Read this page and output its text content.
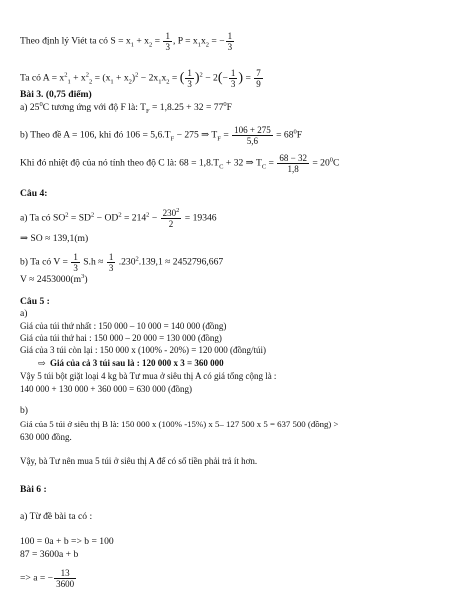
Theo định lý Viét ta có $S = x_1 + x_2 = \frac{1}{3}$ , $P = x_1x_2$ = − $\frac{1}{3}$
Ta có $A = x^2_1 + x^2_2 = (x_1 + x_2)^2 - 2x_1x_2$ = ( $\frac{1}{3} )^2 - 2(- \frac{1}{3}$ ) = $\frac{7}{9}$
Bài 3. (0,75 điểm)
a) $25^0C$ tương ứng với độ F là: $T_F = 1,8.25 + 32 = 77^0F$
b) Theo đề A = 106, khi đó $106 = 5,6.T_F - 275$ ⇒ $T_F = \frac{106 + 275}{5,6} = 68^0F$
Khi đó nhiệt độ của nó tính theo độ C là: $68 = 1,8.T_C + 32$ ⇒ $T_C = \frac{68 - 32}{1,8} = 20^0C$
Câu 4:
a) Ta có $SO^2 = SD^2 - OD^2 = 214^2 - \frac{230^2}{2} = 19346$
⇒ SO ≈ 139,1(m)
b) Ta có $V = \frac{1}{3} S.h \approx \frac{1}{3} .230^2.139,1 \approx 2452796,667$
$V \approx 2453000(m^3)$
Câu 5 :
a)
Giá của túi thứ nhất : 150 000 – 10 000 = 140 000 (đồng)
Giá của túi thứ hai : 150 000 – 20 000 = 130 000 (đồng)
Giá của 3 túi còn lại : 150 000 x (100% - 20%) = 120 000 (đồng/túi)
⇨ Giá của cả 3 túi sau là : 120 000 x 3 = 360 000
Vậy 5 túi bột giặt loại 4 kg bà Tư mua ở siêu thị A có giá tổng cộng là :
140 000 + 130 000 + 360 000 = 630 000 (đồng)
b)
Giá của 5 túi ở siêu thị B là: 150 000 x (100% -15%) x 5– 127 500 x 5 = 637 500 (đồng) >
630 000 đồng.
Vậy, bà Tư nên mua 5 túi ở siêu thị A để có số tiền phải trả ít hơn.
Bài 6 :
a) Từ đề bài ta có :
100 = 0a + b => b = 100
87 = 3600a + b
=> a = − $\frac{13}{3600}$
